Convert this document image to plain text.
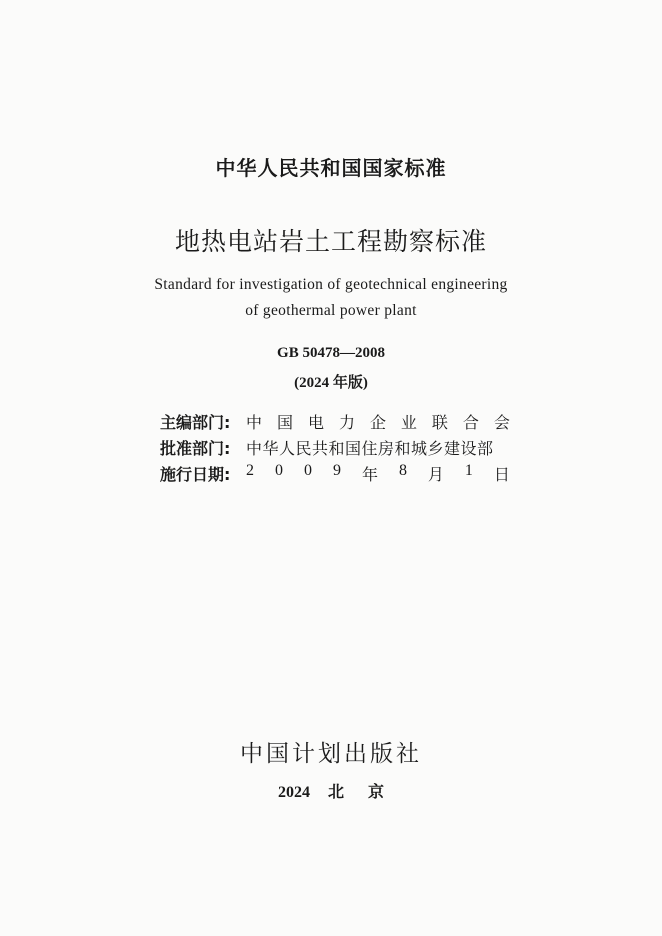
中华人民共和国国家标准
地热电站岩土工程勘察标准
Standard for investigation of geotechnical engineering
of geothermal power plant
GB 50478—2008
(2024 年版)
主编部门: 中 国 电 力 企 业 联 合 会
批准部门: 中华人民共和国住房和城乡建设部
施行日期: 2 0 0 9 年 8 月 1 日
中国计划出版社
2024 北京
